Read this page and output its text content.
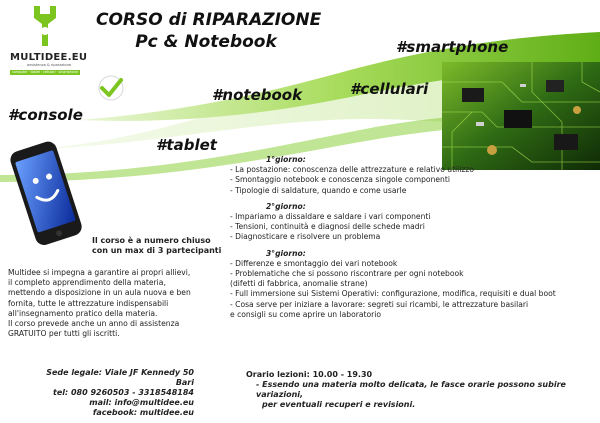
MULTIDEE.EU
assistenza & riparazione
computer · tablet · cellulari · smartphone
CORSO di RIPARAZIONE
Pc & Notebook	#smartphone
#cellulari
#notebook
#console
#tablet
Il corso è a numero chiuso
con un max di 3 partecipanti
Multidee si impegna a garantire ai propri allievi,
il completo apprendimento della materia,
mettendo a disposizione in un aula nuova e ben
fornita, tutte le attrezzature indispensabili
all'insegnamento pratico della materia.
Il corso prevede anche un anno di assistenza
GRATUITO per tutti gli iscritti.
1°giorno:
- La postazione: conoscenza delle attrezzature e relativo utilizzo
- Smontaggio notebook e conoscenza singole componenti
- Tipologie di saldature, quando e come usarle
2°giorno:
- Impariamo a dissaldare e saldare i vari componenti
- Tensioni, continuità e diagnosi delle schede madri
- Diagnosticare e risolvere un problema
3°giorno:
- Differenze e smontaggio dei vari notebook
- Problematiche che si possono riscontrare per ogni notebook
(difetti di fabbrica, anomalie strane)
- Full immersione sui Sistemi Operativi: configurazione, modifica, requisiti e dual boot
- Cosa serve per iniziare a lavorare: segreti sui ricambi, le attrezzature basilari
e consigli su come aprire un laboratorio
Sede legale: Viale JF Kennedy 50
Bari
tel: 080 9260503 - 3318548184
mail: info@multidee.eu
facebook: multidee.eu
Orario lezioni: 10.00 - 19.30
- Essendo una materia molto delicata, le fasce orarie possono subire variazioni,
per eventuali recuperi e revisioni.
